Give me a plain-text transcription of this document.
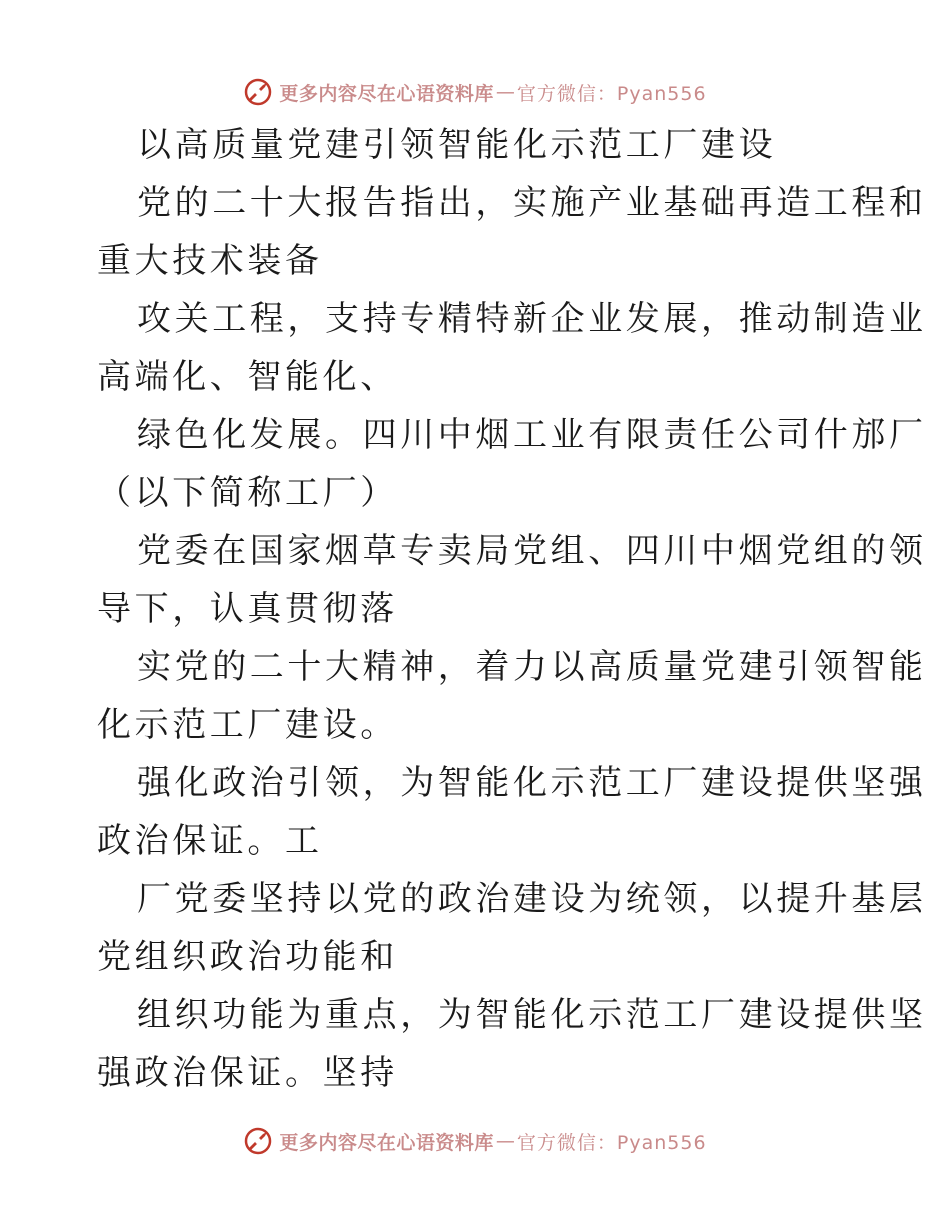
更多内容尽在心语资料库 — 官方微信：Pyan556
以高质量党建引领智能化示范工厂建设
党的二十大报告指出，实施产业基础再造工程和
重大技术装备
攻关工程，支持专精特新企业发展，推动制造业
高端化、智能化、
绿色化发展。四川中烟工业有限责任公司什邡厂
（以下简称工厂）
党委在国家烟草专卖局党组、四川中烟党组的领
导下，认真贯彻落
实党的二十大精神，着力以高质量党建引领智能
化示范工厂建设。
强化政治引领，为智能化示范工厂建设提供坚强
政治保证。工
厂党委坚持以党的政治建设为统领，以提升基层
党组织政治功能和
组织功能为重点，为智能化示范工厂建设提供坚
强政治保证。坚持
更多内容尽在心语资料库 — 官方微信：Pyan556
